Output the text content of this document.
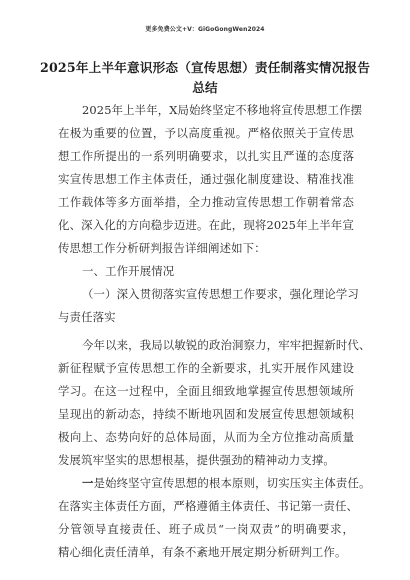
更多免费公文+V：GiGoGongWen2024
2025年上半年意识形态（宣传思想）责任制落实情况报告
总结
2025年上半年，X局始终坚定不移地将宣传思想工作摆
在极为重要的位置，予以高度重视。严格依照关于宣传思
想工作所提出的一系列明确要求，以扎实且严谨的态度落
实宣传思想工作主体责任，通过强化制度建设、精准找准
工作载体等多方面举措，全力推动宣传思想工作朝着常态
化、深入化的方向稳步迈进。在此，现将2025年上半年宣
传思想工作分析研判报告详细阐述如下：
一、工作开展情况
（一）深入贯彻落实宣传思想工作要求，强化理论学习
与责任落实
今年以来，我局以敏锐的政治洞察力，牢牢把握新时代、
新征程赋予宣传思想工作的全新要求，扎实开展作风建设
学习。在这一过程中，全面且细致地掌握宣传思想领域所
呈现出的新动态，持续不断地巩固和发展宣传思想领域积
极向上、态势向好的总体局面，从而为全方位推动高质量
发展筑牢坚实的思想根基，提供强劲的精神动力支撑。
一是始终坚守宣传思想的根本原则，切实压实主体责任。
在落实主体责任方面，严格遵循主体责任、书记第一责任、
分管领导直接责任、班子成员“一岗双责”的明确要求，
精心细化责任清单，有条不紊地开展定期分析研判工作。
